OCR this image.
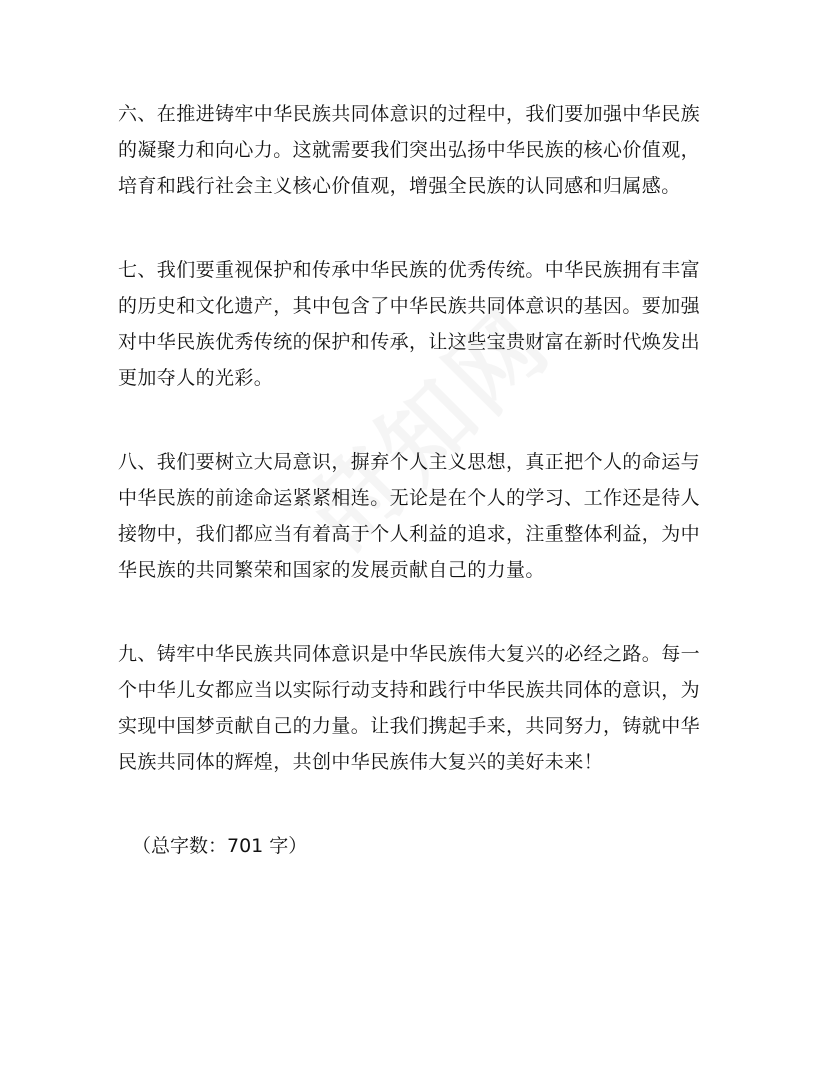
六、在推进铸牢中华民族共同体意识的过程中，我们要加强中华民族
的凝聚力和向心力。这就需要我们突出弘扬中华民族的核心价值观，
培育和践行社会主义核心价值观，增强全民族的认同感和归属感。

七、我们要重视保护和传承中华民族的优秀传统。中华民族拥有丰富
的历史和文化遗产，其中包含了中华民族共同体意识的基因。要加强
对中华民族优秀传统的保护和传承，让这些宝贵财富在新时代焕发出
更加夺人的光彩。

八、我们要树立大局意识，摒弃个人主义思想，真正把个人的命运与
中华民族的前途命运紧紧相连。无论是在个人的学习、工作还是待人
接物中，我们都应当有着高于个人利益的追求，注重整体利益，为中
华民族的共同繁荣和国家的发展贡献自己的力量。

九、铸牢中华民族共同体意识是中华民族伟大复兴的必经之路。每一
个中华儿女都应当以实际行动支持和践行中华民族共同体的意识，为
实现中国梦贡献自己的力量。让我们携起手来，共同努力，铸就中华
民族共同体的辉煌，共创中华民族伟大复兴的美好未来！

（总字数：701 字）
